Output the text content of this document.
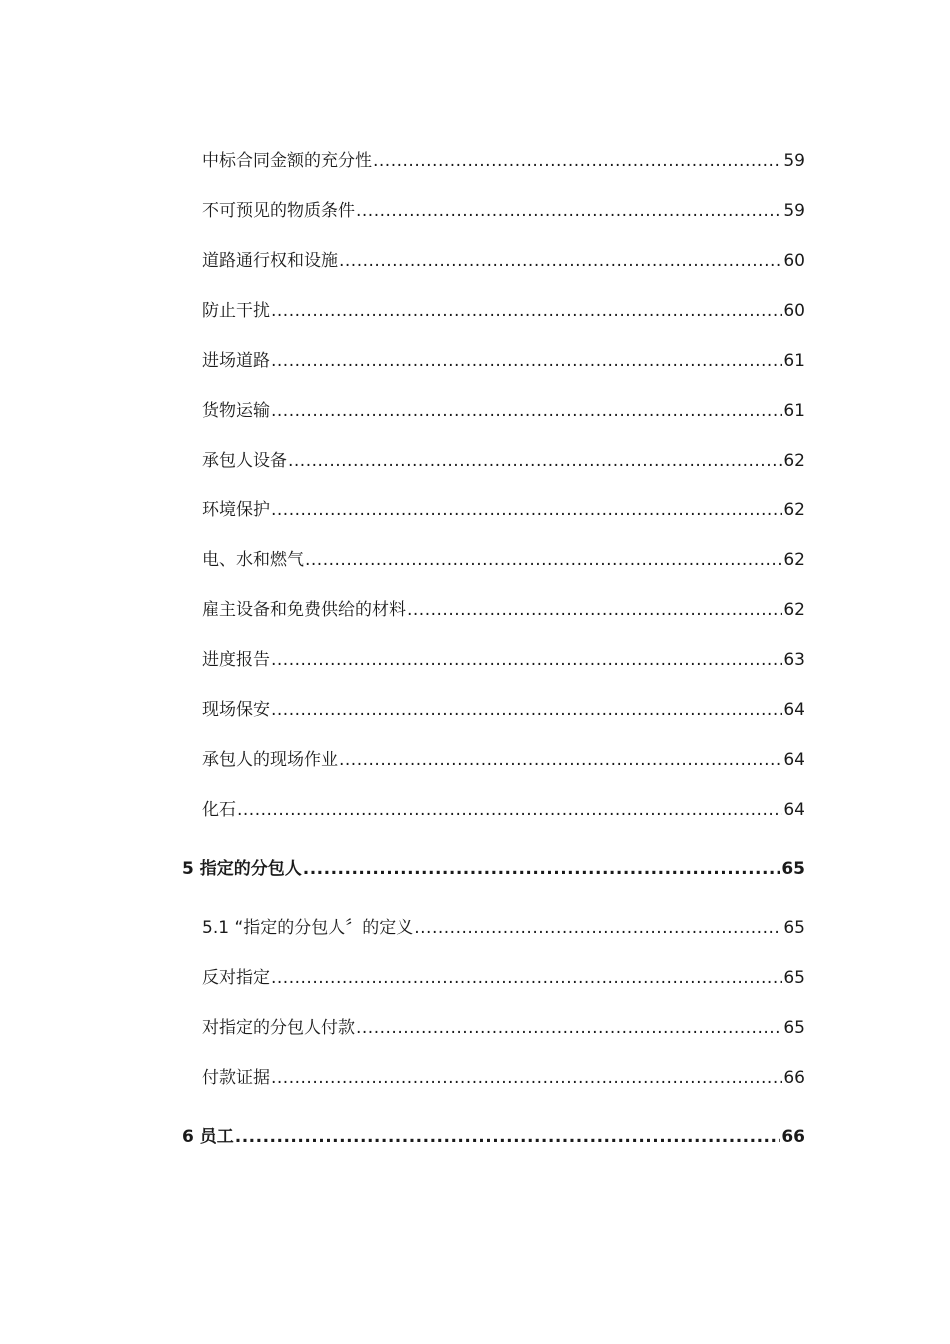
中标合同金额的充分性 .....	59
不可预见的物质条件 .....	59
道路通行权和设施 .....	60
防止干扰 .....	60
进场道路 .....	61
货物运输 .....	61
承包人设备 .....	62
环境保护 .....	62
电、水和燃气 .....	62
雇主设备和免费供给的材料 .....	62
进度报告 .....	63
现场保安 .....	64
承包人的现场作业 .....	64
化石 .....	64
5 指定的分包人 .....	65
5.1 “指定的分包人〞的定义 .....	65
反对指定 .....	65
对指定的分包人付款 .....	65
付款证据 .....	66
6 员工 .....	66
